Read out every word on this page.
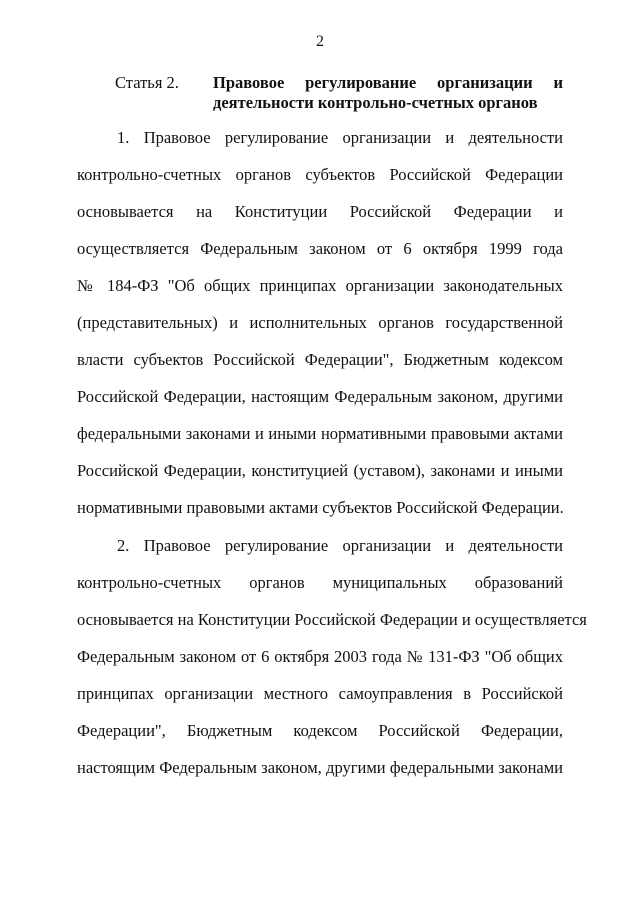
2
Статья 2. Правовое регулирование организации и
деятельности контрольно-счетных органов
1. Правовое регулирование организации и деятельности
контрольно-счетных органов субъектов Российской Федерации
основывается на Конституции Российской Федерации и
осуществляется Федеральным законом от 6 октября 1999 года
№ 184-ФЗ "Об общих принципах организации законодательных
(представительных) и исполнительных органов государственной
власти субъектов Российской Федерации", Бюджетным кодексом
Российской Федерации, настоящим Федеральным законом, другими
федеральными законами и иными нормативными правовыми актами
Российской Федерации, конституцией (уставом), законами и иными
нормативными правовыми актами субъектов Российской Федерации.
2. Правовое регулирование организации и деятельности
контрольно-счетных органов муниципальных образований
основывается на Конституции Российской Федерации и осуществляется
Федеральным законом от 6 октября 2003 года № 131-ФЗ "Об общих
принципах организации местного самоуправления в Российской
Федерации", Бюджетным кодексом Российской Федерации,
настоящим Федеральным законом, другими федеральными законами
